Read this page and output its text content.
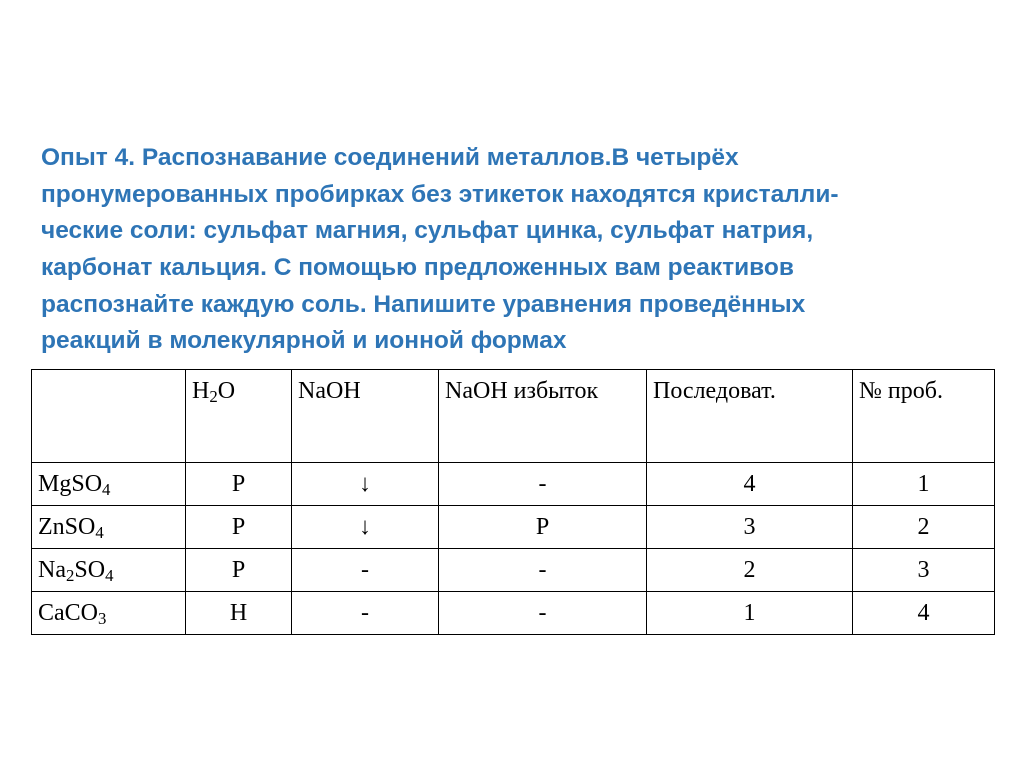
Опыт 4. Распознавание соединений металлов.В четырёх
пронумерованных пробирках без этикеток находятся кристалли-
ческие соли: сульфат магния, сульфат цинка, сульфат натрия,
карбонат кальция. С помощью предложенных вам реактивов
распознайте каждую соль. Напишите уравнения проведённых
реакций в молекулярной и ионной формах
	$H_2O$	NaOH	NaOH избыток	Последоват.	№ проб.
MgSO$_4$	Р	↓	-	4	1
ZnSO$_4$	Р	↓	Р	3	2
$Na_2SO_4$	Р	-	-	2	3
CaCO$_3$	Н	-	-	1	4
